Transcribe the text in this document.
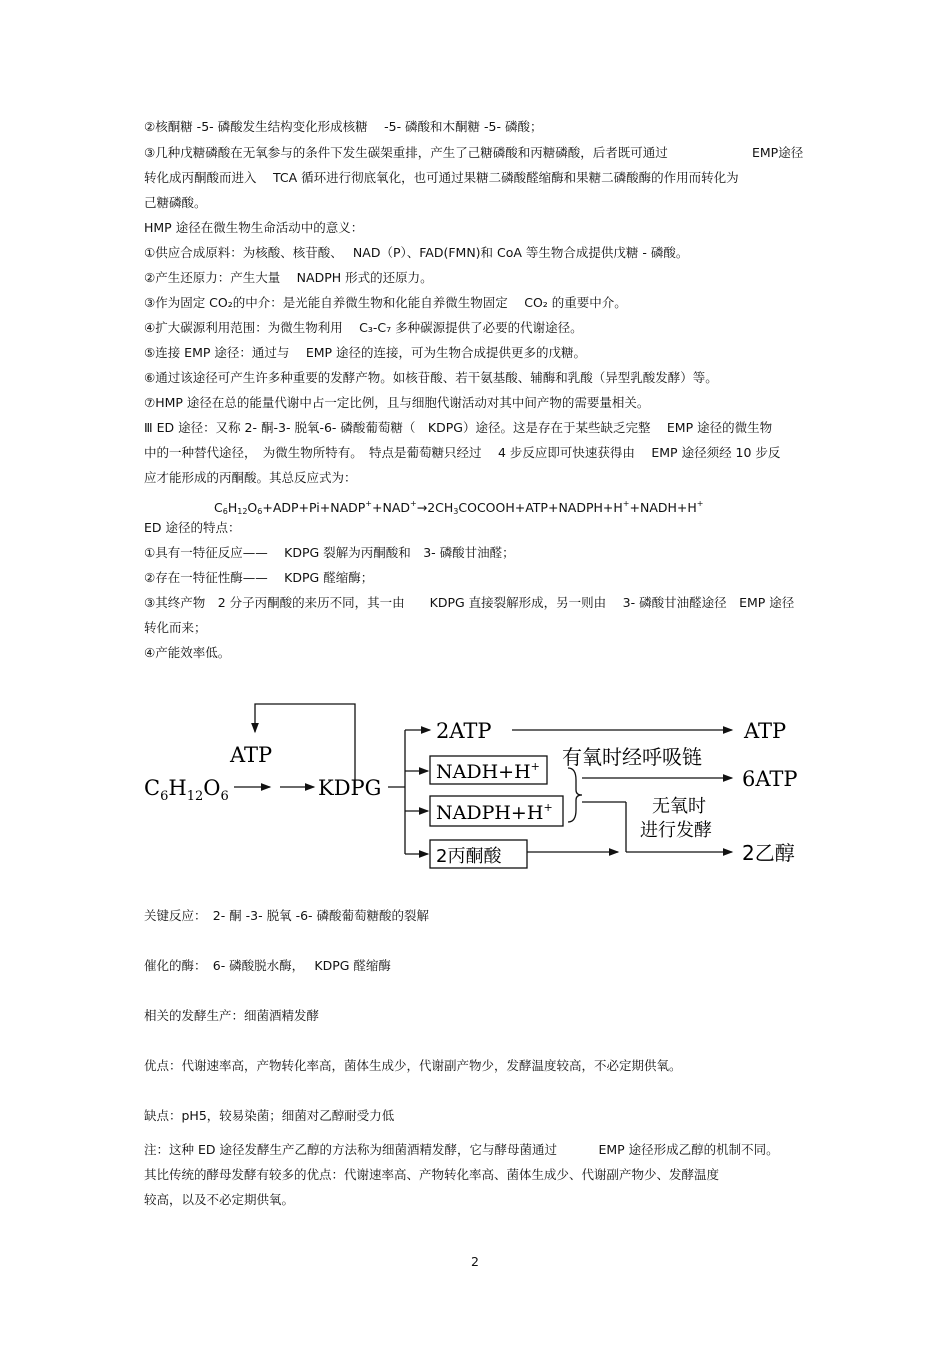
②核酮糖 -5- 磷酸发生结构变化形成核糖　 -5- 磷酸和木酮糖 -5- 磷酸；
③几种戊糖磷酸在无氧参与的条件下发生碳架重排，产生了己糖磷酸和丙糖磷酸，后者既可通过	EMP途径
转化成丙酮酸而进入　 TCA 循环进行彻底氧化，也可通过果糖二磷酸醛缩酶和果糖二磷酸酶的作用而转化为
己糖磷酸。
HMP 途径在微生物生命活动中的意义：
①供应合成原料：为核酸、核苷酸、　 NAD（P）、FAD(FMN)和 CoA 等生物合成提供戊糖 - 磷酸。
②产生还原力：产生大量　 NADPH 形式的还原力。
③作为固定 CO₂的中介：是光能自养微生物和化能自养微生物固定　 CO₂ 的重要中介。
④扩大碳源利用范围：为微生物利用　 C₃-C₇ 多种碳源提供了必要的代谢途径。
⑤连接 EMP 途径：通过与　 EMP 途径的连接，可为生物合成提供更多的戊糖。
⑥通过该途径可产生许多种重要的发酵产物。如核苷酸、若干氨基酸、辅酶和乳酸（异型乳酸发酵）等。
⑦HMP 途径在总的能量代谢中占一定比例，且与细胞代谢活动对其中间产物的需要量相关。
Ⅲ ED 途径：又称 2- 酮-3- 脱氧-6- 磷酸葡萄糖（　KDPG）途径。这是存在于某些缺乏完整　 EMP 途径的微生物
中的一种替代途径，　为微生物所特有。　特点是葡萄糖只经过　 4 步反应即可快速获得由　 EMP 途径须经 10 步反
应才能形成的丙酮酸。其总反应式为：
$C_6H_{12}O_6+ADP+Pi+NADP^++NAD^+\to 2CH_3COCOOH+ATP+NADPH+H^++NADH+H^+$
ED 途径的特点：
①具有一特征反应——　 KDPG 裂解为丙酮酸和　3- 磷酸甘油醛；
②存在一特征性酶——　 KDPG 醛缩酶；
③其终产物　2 分子丙酮酸的来历不同，其一由　　KDPG 直接裂解形成，另一则由　 3- 磷酸甘油醛途径　EMP 途径
转化而来；
④产能效率低。
$C_6H_{12}O_6$
ATP
KDPG
2ATP
NADH+H+
NADPH+H+
2丙酮酸
ATP
6ATP
2乙醇
有氧时经呼吸链
无氧时
进行发酵
关键反应：　2- 酮 -3- 脱氧 -6- 磷酸葡萄糖酸的裂解
催化的酶：　6- 磷酸脱水酶，　 KDPG 醛缩酶
相关的发酵生产：细菌酒精发酵
优点：代谢速率高，产物转化率高，菌体生成少，代谢副产物少，发酵温度较高，不必定期供氧。
缺点：pH5，较易染菌；细菌对乙醇耐受力低
注：这种 ED 途径发酵生产乙醇的方法称为细菌酒精发酵，它与酵母菌通过　　　 EMP 途径形成乙醇的机制不同。
其比传统的酵母发酵有较多的优点：代谢速率高、产物转化率高、菌体生成少、代谢副产物少、发酵温度
较高，以及不必定期供氧。
2
